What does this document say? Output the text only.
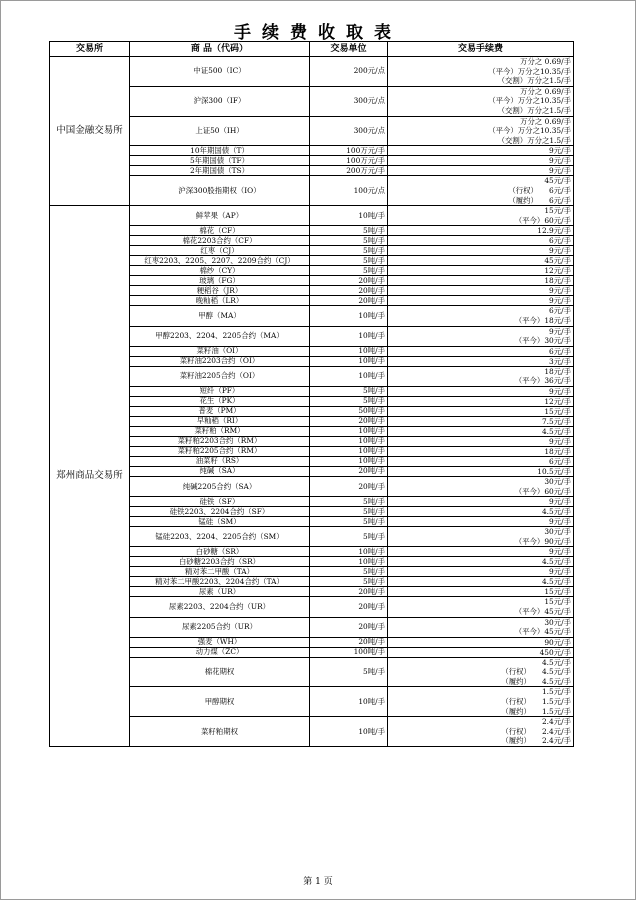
手续费收取表
交易所	商 品（代码）	交易单位	交易手续费
中国金融交易所	中证500（IC）	200元/点	万分之 0.69/手
（平今）万分之10.35/手
（交割）万分之1.5/手

	沪深300（IF）	300元/点	万分之 0.69/手
（平今）万分之10.35/手
（交割）万分之1.5/手

	上证50（IH）	300元/点	万分之 0.69/手
（平今）万分之10.35/手
（交割）万分之1.5/手

	10年期国债（T）	100万元/手	9元/手

	5年期国债（TF）	100万元/手	9元/手

	2年期国债（TS）	200万元/手	9元/手

	沪深300股指期权（IO）	100元/点	45元/手
（行权）　　6元/手
（履约）　　6元/手

郑州商品交易所	鲜苹果（AP）	10吨/手	15元/手
（平今）60元/手

	棉花（CF）	5吨/手	12.9元/手

	棉花2203合约（CF）	5吨/手	6元/手

	红枣（CJ）	5吨/手	9元/手

	红枣2203、2205、2207、2209合约（CJ）	5吨/手	45元/手

	棉纱（CY）	5吨/手	12元/手

	玻璃（FG）	20吨/手	18元/手

	粳稻谷（JR）	20吨/手	9元/手

	晚籼稻（LR）	20吨/手	9元/手

	甲醇（MA）	10吨/手	6元/手
（平今）18元/手

	甲醇2203、2204、2205合约（MA）	10吨/手	9元/手
（平今）30元/手

	菜籽油（OI）	10吨/手	6元/手

	菜籽油2203合约（OI）	10吨/手	3元/手

	菜籽油2205合约（OI）	10吨/手	18元/手
（平今）36元/手

	短纤（PF）	5吨/手	9元/手

	花生（PK）	5吨/手	12元/手

	普麦（PM）	50吨/手	15元/手

	早籼稻（RI）	20吨/手	7.5元/手

	菜籽粕（RM）	10吨/手	4.5元/手

	菜籽粕2203合约（RM）	10吨/手	9元/手

	菜籽粕2205合约（RM）	10吨/手	18元/手

	油菜籽（RS）	10吨/手	6元/手

	纯碱（SA）	20吨/手	10.5元/手

	纯碱2205合约（SA）	20吨/手	30元/手
（平今）60元/手

	硅铁（SF）	5吨/手	9元/手

	硅铁2203、2204合约（SF）	5吨/手	4.5元/手

	锰硅（SM）	5吨/手	9元/手

	锰硅2203、2204、2205合约（SM）	5吨/手	30元/手
（平今）90元/手

	白砂糖（SR）	10吨/手	9元/手

	白砂糖2203合约（SR）	10吨/手	4.5元/手

	精对苯二甲酸（TA）	5吨/手	9元/手

	精对苯二甲酸2203、2204合约（TA）	5吨/手	4.5元/手

	尿素（UR）	20吨/手	15元/手

	尿素2203、2204合约（UR）	20吨/手	15元/手
（平今）45元/手

	尿素2205合约（UR）	20吨/手	30元/手
（平今）45元/手

	强麦（WH）	20吨/手	90元/手

	动力煤（ZC）	100吨/手	450元/手

	棉花期权	5吨/手	4.5元/手
（行权）　　4.5元/手
（履约）　　4.5元/手

	甲醇期权	10吨/手	1.5元/手
（行权）　　1.5元/手
（履约）　　1.5元/手

	菜籽粕期权	10吨/手	2.4元/手
（行权）　　2.4元/手
（履约）　　2.4元/手
第 1 页
